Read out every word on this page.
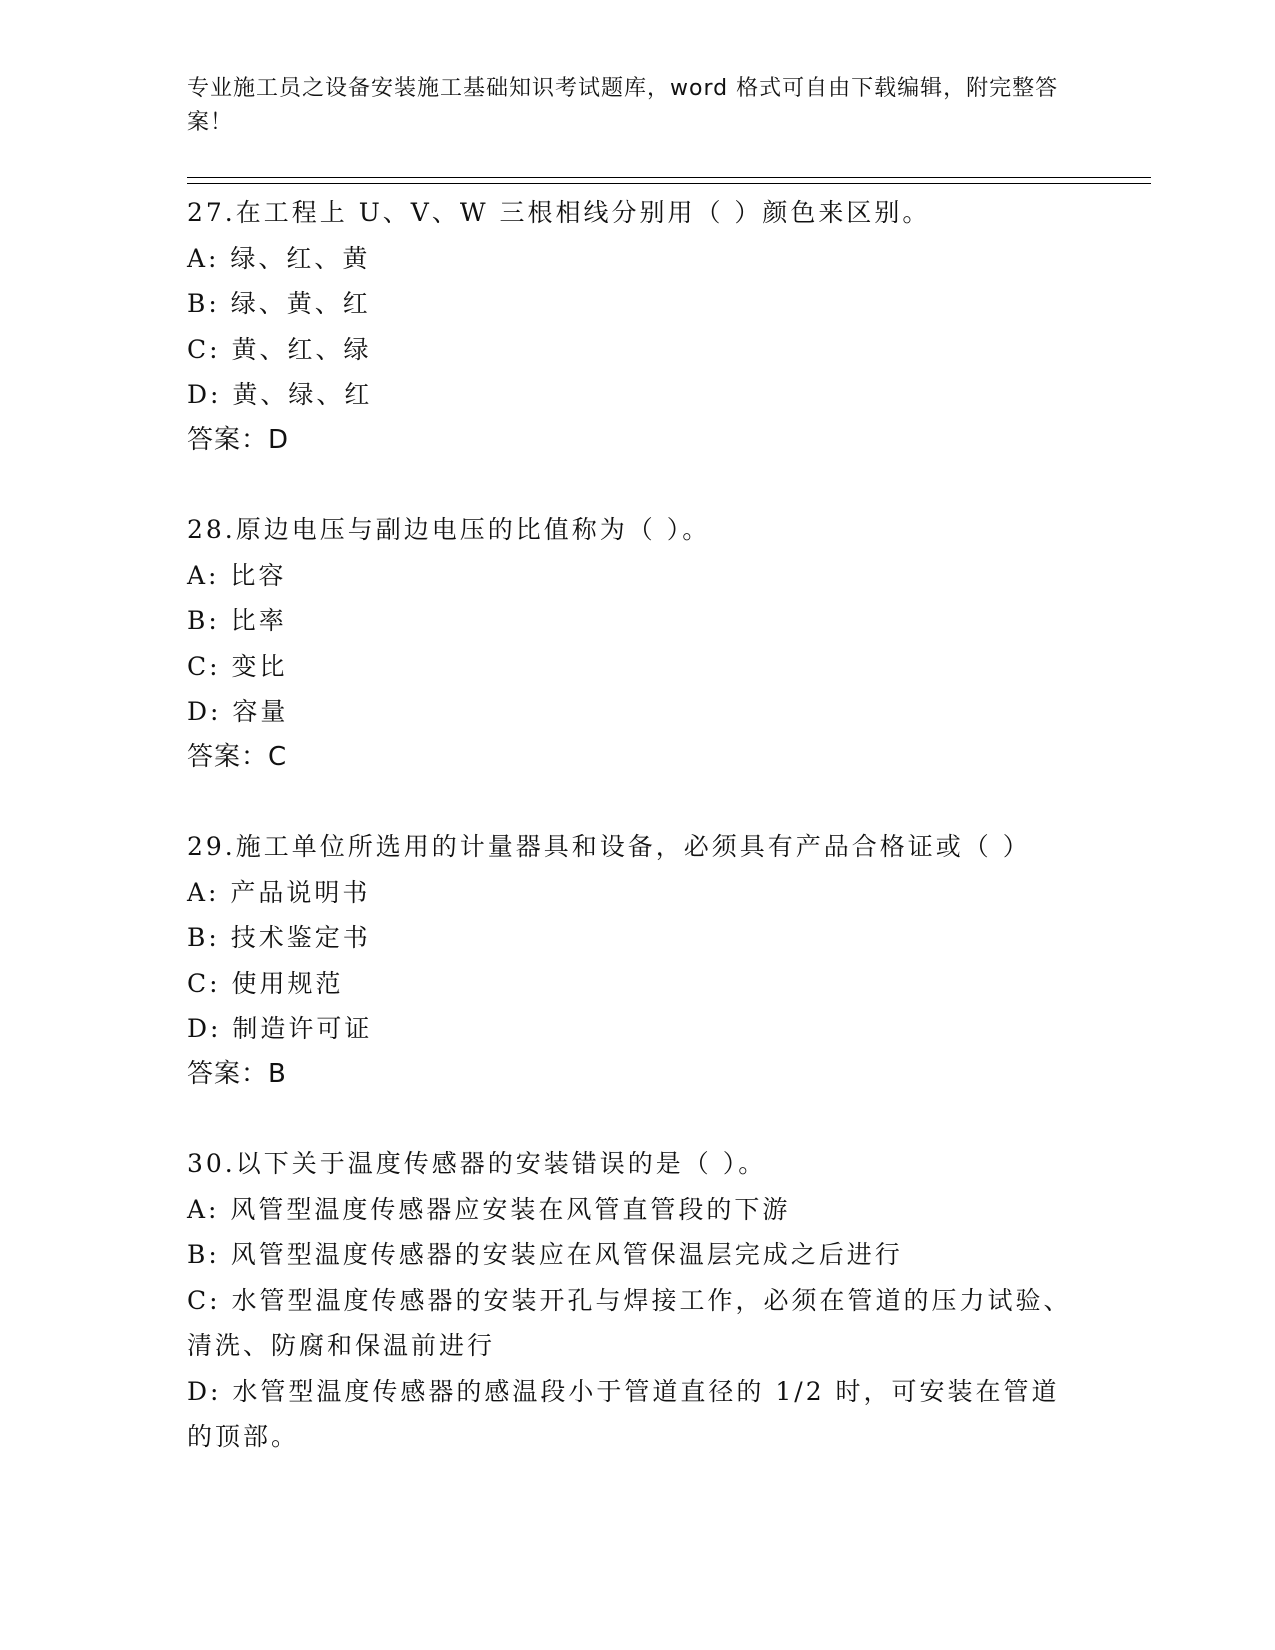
专业施工员之设备安装施工基础知识考试题库，word 格式可自由下载编辑，附完整答案！
27.在工程上 U、V、W 三根相线分别用（ ）颜色来区别。
A: 绿、红、黄
B: 绿、黄、红
C: 黄、红、绿
D: 黄、绿、红
答案：D
28.原边电压与副边电压的比值称为（ ）。
A: 比容
B: 比率
C: 变比
D: 容量
答案：C
29.施工单位所选用的计量器具和设备，必须具有产品合格证或（ ）
A: 产品说明书
B: 技术鉴定书
C: 使用规范
D: 制造许可证
答案：B
30.以下关于温度传感器的安装错误的是（ ）。
A: 风管型温度传感器应安装在风管直管段的下游
B: 风管型温度传感器的安装应在风管保温层完成之后进行
C: 水管型温度传感器的安装开孔与焊接工作，必须在管道的压力试验、清洗、防腐和保温前进行
D: 水管型温度传感器的感温段小于管道直径的 1/2 时，可安装在管道的顶部。
